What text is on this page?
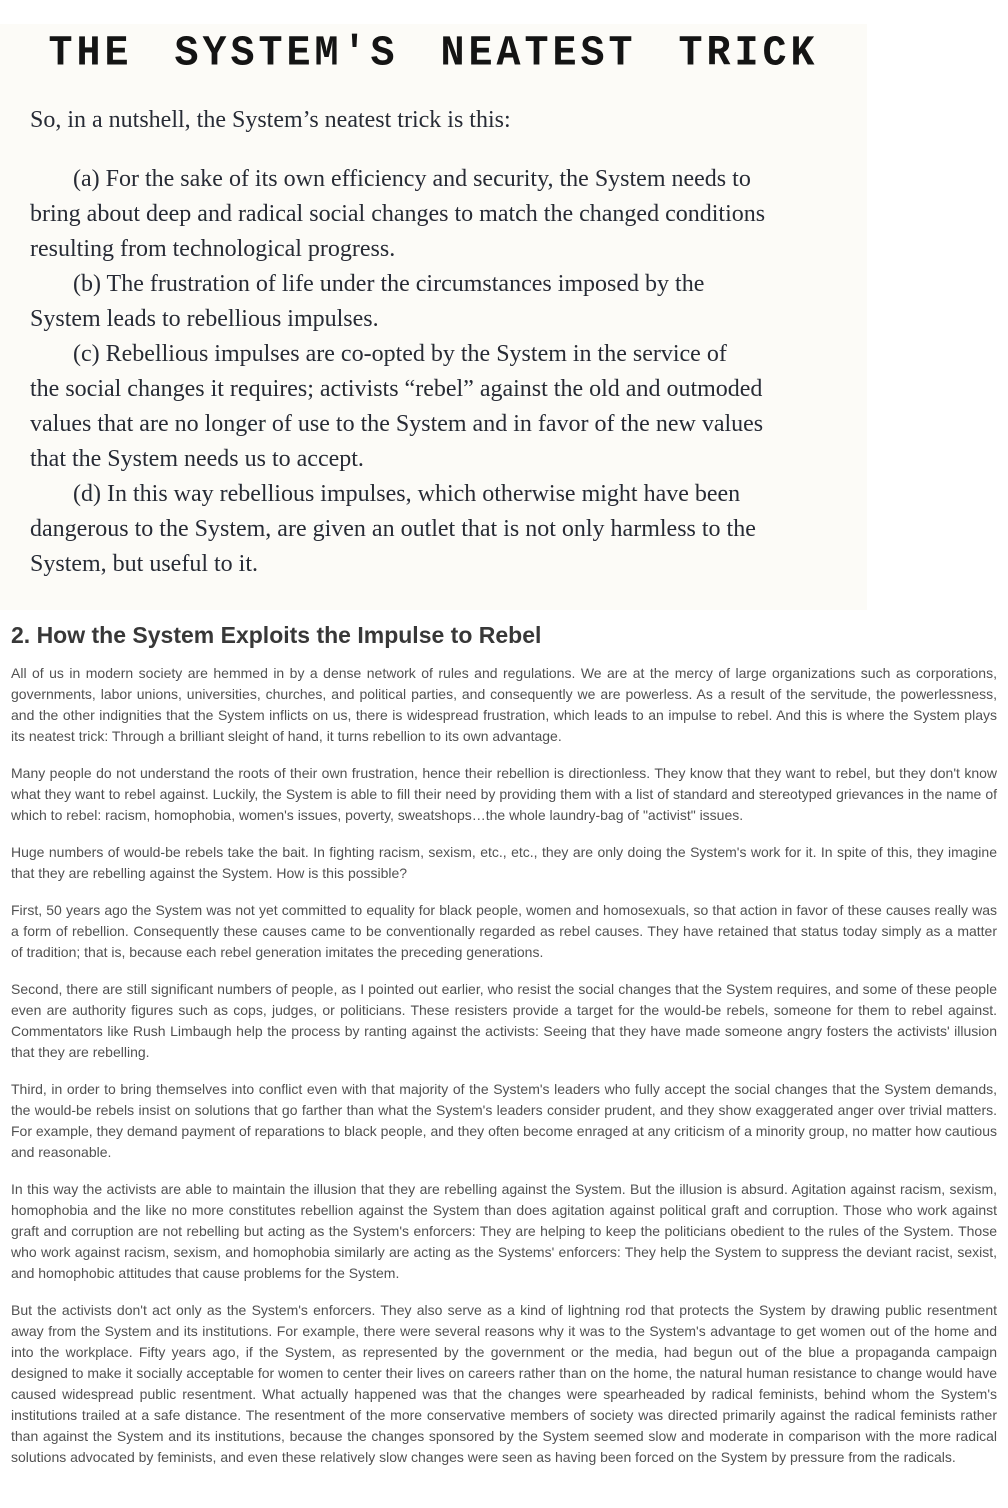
THE SYSTEM'S NEATEST TRICK
So, in a nutshell, the System’s neatest trick is this:
(a) For the sake of its own efficiency and security, the System needs to
bring about deep and radical social changes to match the changed conditions
resulting from technological progress.
(b) The frustration of life under the circumstances imposed by the
System leads to rebellious impulses.
(c) Rebellious impulses are co-opted by the System in the service of
the social changes it requires; activists “rebel” against the old and outmoded
values that are no longer of use to the System and in favor of the new values
that the System needs us to accept.
(d) In this way rebellious impulses, which otherwise might have been
dangerous to the System, are given an outlet that is not only harmless to the
System, but useful to it.
2. How the System Exploits the Impulse to Rebel

All of us in modern society are hemmed in by a dense network of rules and regulations. We are at the mercy of large organizations such as corporations, governments, labor unions, universities, churches, and political parties, and consequently we are powerless. As a result of the servitude, the powerlessness, and the other indignities that the System inflicts on us, there is widespread frustration, which leads to an impulse to rebel. And this is where the System plays its neatest trick: Through a brilliant sleight of hand, it turns rebellion to its own advantage.

Many people do not understand the roots of their own frustration, hence their rebellion is directionless. They know that they want to rebel, but they don't know what they want to rebel against. Luckily, the System is able to fill their need by providing them with a list of standard and stereotyped grievances in the name of which to rebel: racism, homophobia, women's issues, poverty, sweatshops…the whole laundry-bag of "activist" issues.

Huge numbers of would-be rebels take the bait. In fighting racism, sexism, etc., etc., they are only doing the System's work for it. In spite of this, they imagine that they are rebelling against the System. How is this possible?

First, 50 years ago the System was not yet committed to equality for black people, women and homosexuals, so that action in favor of these causes really was a form of rebellion. Consequently these causes came to be conventionally regarded as rebel causes. They have retained that status today simply as a matter of tradition; that is, because each rebel generation imitates the preceding generations.

Second, there are still significant numbers of people, as I pointed out earlier, who resist the social changes that the System requires, and some of these people even are authority figures such as cops, judges, or politicians. These resisters provide a target for the would-be rebels, someone for them to rebel against. Commentators like Rush Limbaugh help the process by ranting against the activists: Seeing that they have made someone angry fosters the activists' illusion that they are rebelling.

Third, in order to bring themselves into conflict even with that majority of the System's leaders who fully accept the social changes that the System demands, the would-be rebels insist on solutions that go farther than what the System's leaders consider prudent, and they show exaggerated anger over trivial matters. For example, they demand payment of reparations to black people, and they often become enraged at any criticism of a minority group, no matter how cautious and reasonable.

In this way the activists are able to maintain the illusion that they are rebelling against the System. But the illusion is absurd. Agitation against racism, sexism, homophobia and the like no more constitutes rebellion against the System than does agitation against political graft and corruption. Those who work against graft and corruption are not rebelling but acting as the System's enforcers: They are helping to keep the politicians obedient to the rules of the System. Those who work against racism, sexism, and homophobia similarly are acting as the Systems' enforcers: They help the System to suppress the deviant racist, sexist, and homophobic attitudes that cause problems for the System.

But the activists don't act only as the System's enforcers. They also serve as a kind of lightning rod that protects the System by drawing public resentment away from the System and its institutions. For example, there were several reasons why it was to the System's advantage to get women out of the home and into the workplace. Fifty years ago, if the System, as represented by the government or the media, had begun out of the blue a propaganda campaign designed to make it socially acceptable for women to center their lives on careers rather than on the home, the natural human resistance to change would have caused widespread public resentment. What actually happened was that the changes were spearheaded by radical feminists, behind whom the System's institutions trailed at a safe distance. The resentment of the more conservative members of society was directed primarily against the radical feminists rather than against the System and its institutions, because the changes sponsored by the System seemed slow and moderate in comparison with the more radical solutions advocated by feminists, and even these relatively slow changes were seen as having been forced on the System by pressure from the radicals.
